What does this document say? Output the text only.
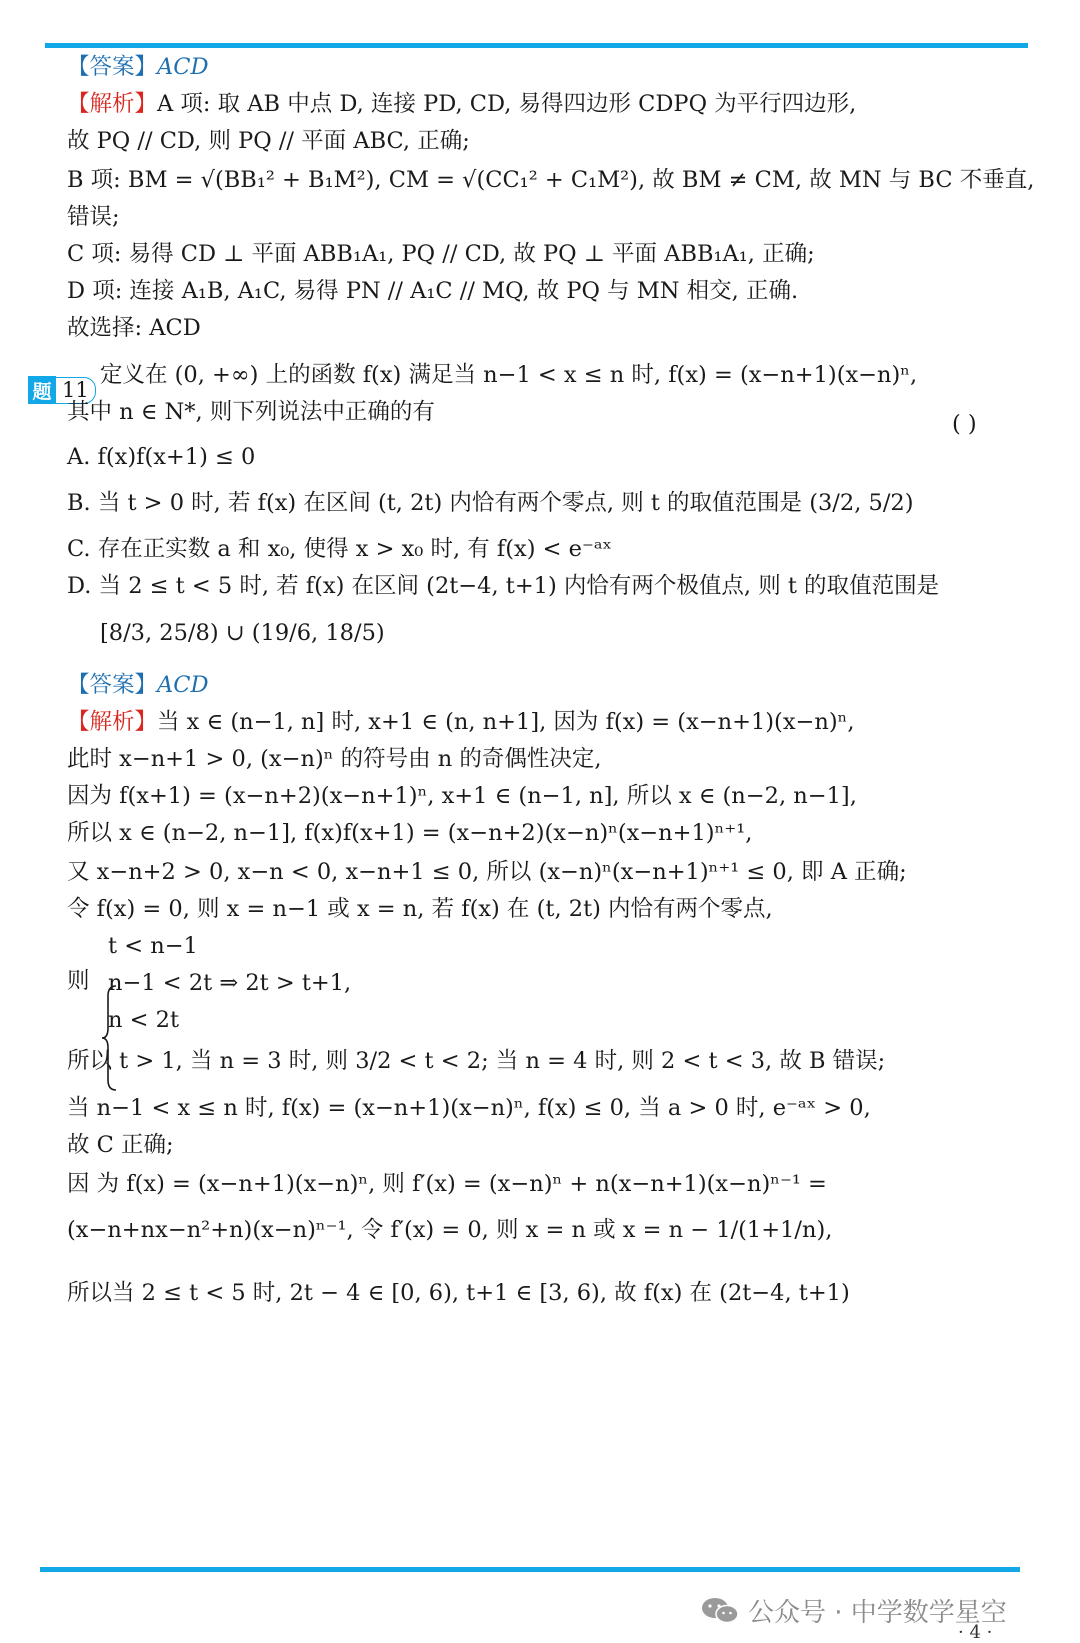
【答案】ACD
【解析】A 项: 取 AB 中点 D, 连接 PD, CD, 易得四边形 CDPQ 为平行四边形,
故 PQ // CD, 则 PQ // 平面 ABC, 正确;
B 项: BM = √(BB₁² + B₁M²), CM = √(CC₁² + C₁M²), 故 BM ≠ CM, 故 MN 与 BC 不垂直,
错误;
C 项: 易得 CD ⊥ 平面 ABB₁A₁, PQ // CD, 故 PQ ⊥ 平面 ABB₁A₁, 正确;
D 项: 连接 A₁B, A₁C, 易得 PN // A₁C // MQ, 故 PQ 与 MN 相交, 正确.
故选择: ACD
题 11
定义在 (0, +∞) 上的函数 f(x) 满足当 n−1 < x ≤ n 时, f(x) = (x−n+1)(x−n)ⁿ,
其中 n ∈ N*, 则下列说法中正确的有	( )
A. f(x)f(x+1) ≤ 0
B. 当 t > 0 时, 若 f(x) 在区间 (t, 2t) 内恰有两个零点, 则 t 的取值范围是 (3/2, 5/2)
C. 存在正实数 a 和 x₀, 使得 x > x₀ 时, 有 f(x) < e⁻ᵃˣ
D. 当 2 ≤ t < 5 时, 若 f(x) 在区间 (2t−4, t+1) 内恰有两个极值点, 则 t 的取值范围是
[8/3, 25/8) ∪ (19/6, 18/5)
【答案】ACD
【解析】当 x ∈ (n−1, n] 时, x+1 ∈ (n, n+1], 因为 f(x) = (x−n+1)(x−n)ⁿ,
此时 x−n+1 > 0, (x−n)ⁿ 的符号由 n 的奇偶性决定,
因为 f(x+1) = (x−n+2)(x−n+1)ⁿ, x+1 ∈ (n−1, n], 所以 x ∈ (n−2, n−1],
所以 x ∈ (n−2, n−1], f(x)f(x+1) = (x−n+2)(x−n)ⁿ(x−n+1)ⁿ⁺¹,
又 x−n+2 > 0, x−n < 0, x−n+1 ≤ 0, 所以 (x−n)ⁿ(x−n+1)ⁿ⁺¹ ≤ 0, 即 A 正确;
令 f(x) = 0, 则 x = n−1 或 x = n, 若 f(x) 在 (t, 2t) 内恰有两个零点,
则
t < n−1
n−1 < 2t ⇒ 2t > t+1,
n < 2t
所以 t > 1, 当 n = 3 时, 则 3/2 < t < 2; 当 n = 4 时, 则 2 < t < 3, 故 B 错误;
当 n−1 < x ≤ n 时, f(x) = (x−n+1)(x−n)ⁿ, f(x) ≤ 0, 当 a > 0 时, e⁻ᵃˣ > 0,
故 C 正确;
因 为 f(x) = (x−n+1)(x−n)ⁿ, 则 f′(x) = (x−n)ⁿ + n(x−n+1)(x−n)ⁿ⁻¹ =
(x−n+nx−n²+n)(x−n)ⁿ⁻¹, 令 f′(x) = 0, 则 x = n 或 x = n − 1/(1+1/n),
所以当 2 ≤ t < 5 时, 2t − 4 ∈ [0, 6), t+1 ∈ [3, 6), 故 f(x) 在 (2t−4, t+1)
公众号 · 中学数学星空
· 4 ·
